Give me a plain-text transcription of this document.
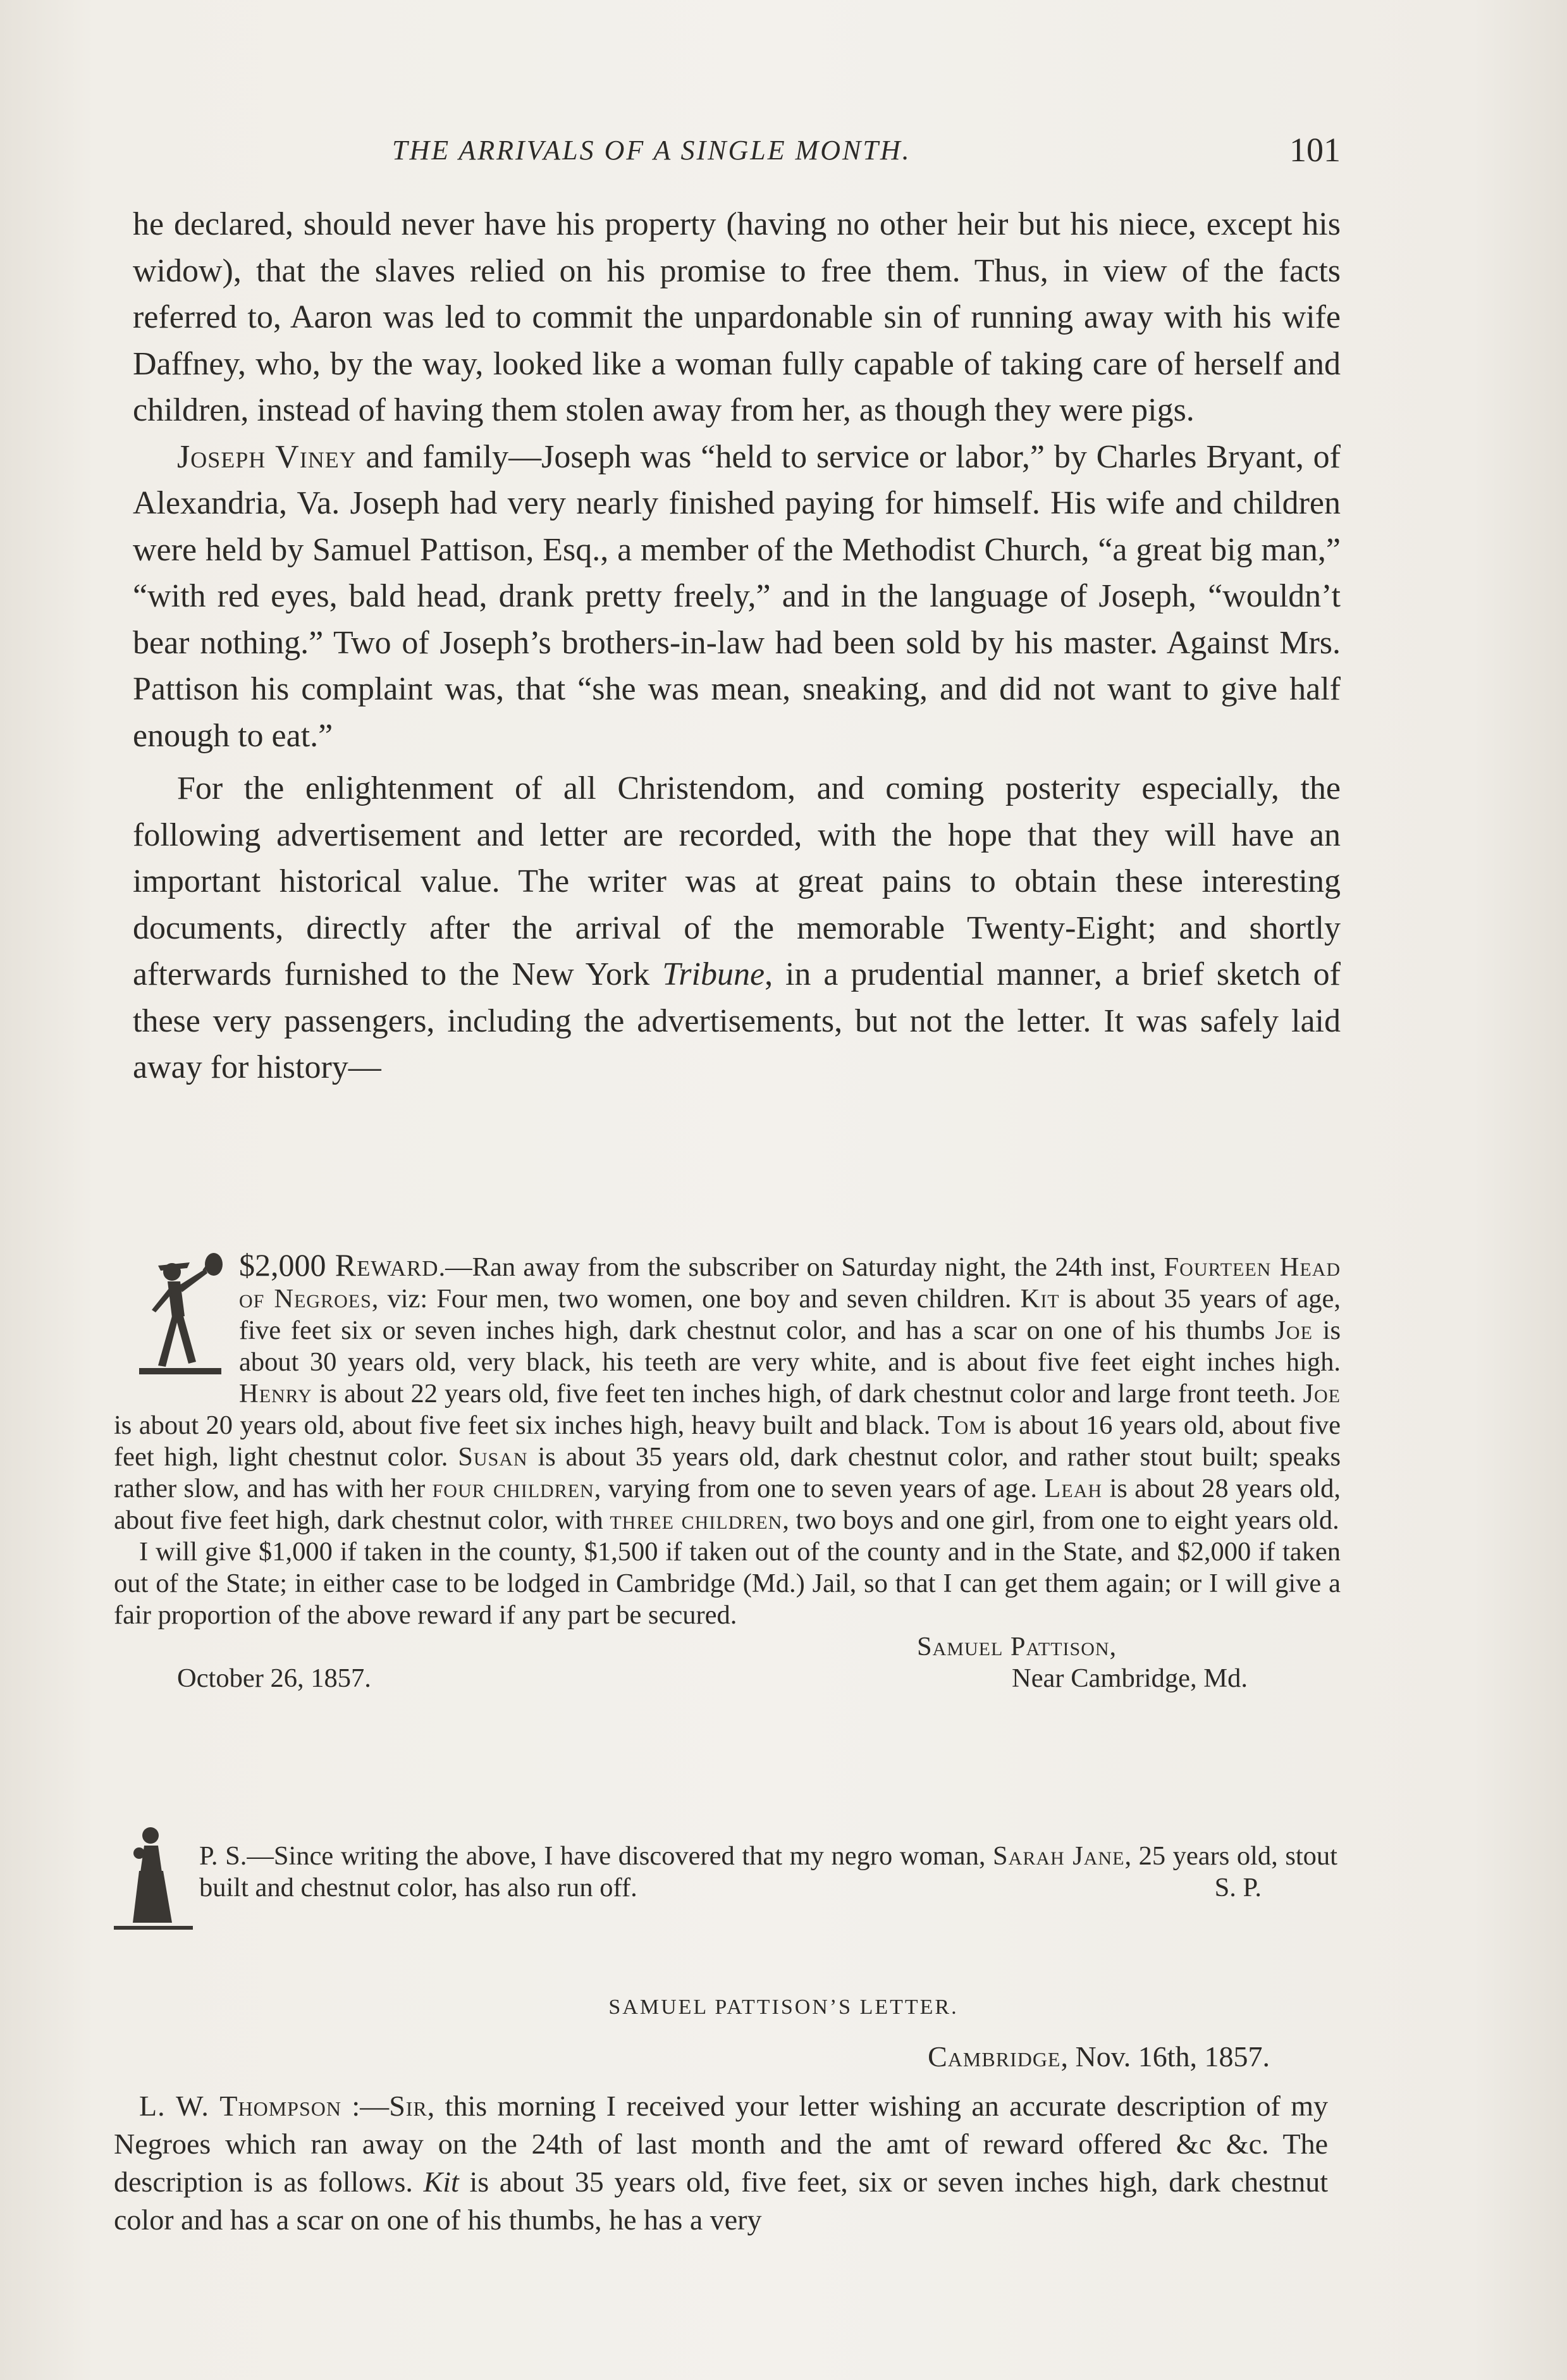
THE ARRIVALS OF A SINGLE MONTH.	101

he declared, should never have his property (having no other heir but his niece, except his widow), that the slaves relied on his promise to free them. Thus, in view of the facts referred to, Aaron was led to commit the unpardonable sin of running away with his wife Daffney, who, by the way, looked like a woman fully capable of taking care of herself and children, instead of having them stolen away from her, as though they were pigs.

Joseph Viney and family—Joseph was “held to service or labor,” by Charles Bryant, of Alexandria, Va. Joseph had very nearly finished paying for himself. His wife and children were held by Samuel Pattison, Esq., a member of the Methodist Church, “a great big man,” “with red eyes, bald head, drank pretty freely,” and in the language of Joseph, “wouldn’t bear nothing.” Two of Joseph’s brothers-in-law had been sold by his master. Against Mrs. Pattison his complaint was, that “she was mean, sneaking, and did not want to give half enough to eat.”

For the enlightenment of all Christendom, and coming posterity especially, the following advertisement and letter are recorded, with the hope that they will have an important historical value. The writer was at great pains to obtain these interesting documents, directly after the arrival of the memorable Twenty-Eight; and shortly afterwards furnished to the New York Tribune, in a prudential manner, a brief sketch of these very passengers, including the advertisements, but not the letter. It was safely laid away for history—

$2,000 Reward.—Ran away from the subscriber on Saturday night, the 24th inst, Fourteen Head of Negroes, viz: Four men, two women, one boy and seven children. Kit is about 35 years of age, five feet six or seven inches high, dark chestnut color, and has a scar on one of his thumbs Joe is about 30 years old, very black, his teeth are very white, and is about five feet eight inches high. Henry is about 22 years old, five feet ten inches high, of dark chestnut color and large front teeth. Joe is about 20 years old, about five feet six inches high, heavy built and black. Tom is about 16 years old, about five feet high, light chestnut color. Susan is about 35 years old, dark chestnut color, and rather stout built; speaks rather slow, and has with her four children, varying from one to seven years of age. Leah is about 28 years old, about five feet high, dark chestnut color, with three children, two boys and one girl, from one to eight years old.

I will give $1,000 if taken in the county, $1,500 if taken out of the county and in the State, and $2,000 if taken out of the State; in either case to be lodged in Cambridge (Md.) Jail, so that I can get them again; or I will give a fair proportion of the above reward if any part be secured.

Samuel Pattison,
October 26, 1857.	Near Cambridge, Md.
P. S.—Since writing the above, I have discovered that my negro woman, Sarah Jane, 25 years old, stout built and chestnut color, has also run off.	S. P.
SAMUEL PATTISON’S LETTER.
Cambridge, Nov. 16th, 1857.

L. W. Thompson :—Sir, this morning I received your letter wishing an accurate description of my Negroes which ran away on the 24th of last month and the amt of reward offered &c &c. The description is as follows. Kit is about 35 years old, five feet, six or seven inches high, dark chestnut color and has a scar on one of his thumbs, he has a very
